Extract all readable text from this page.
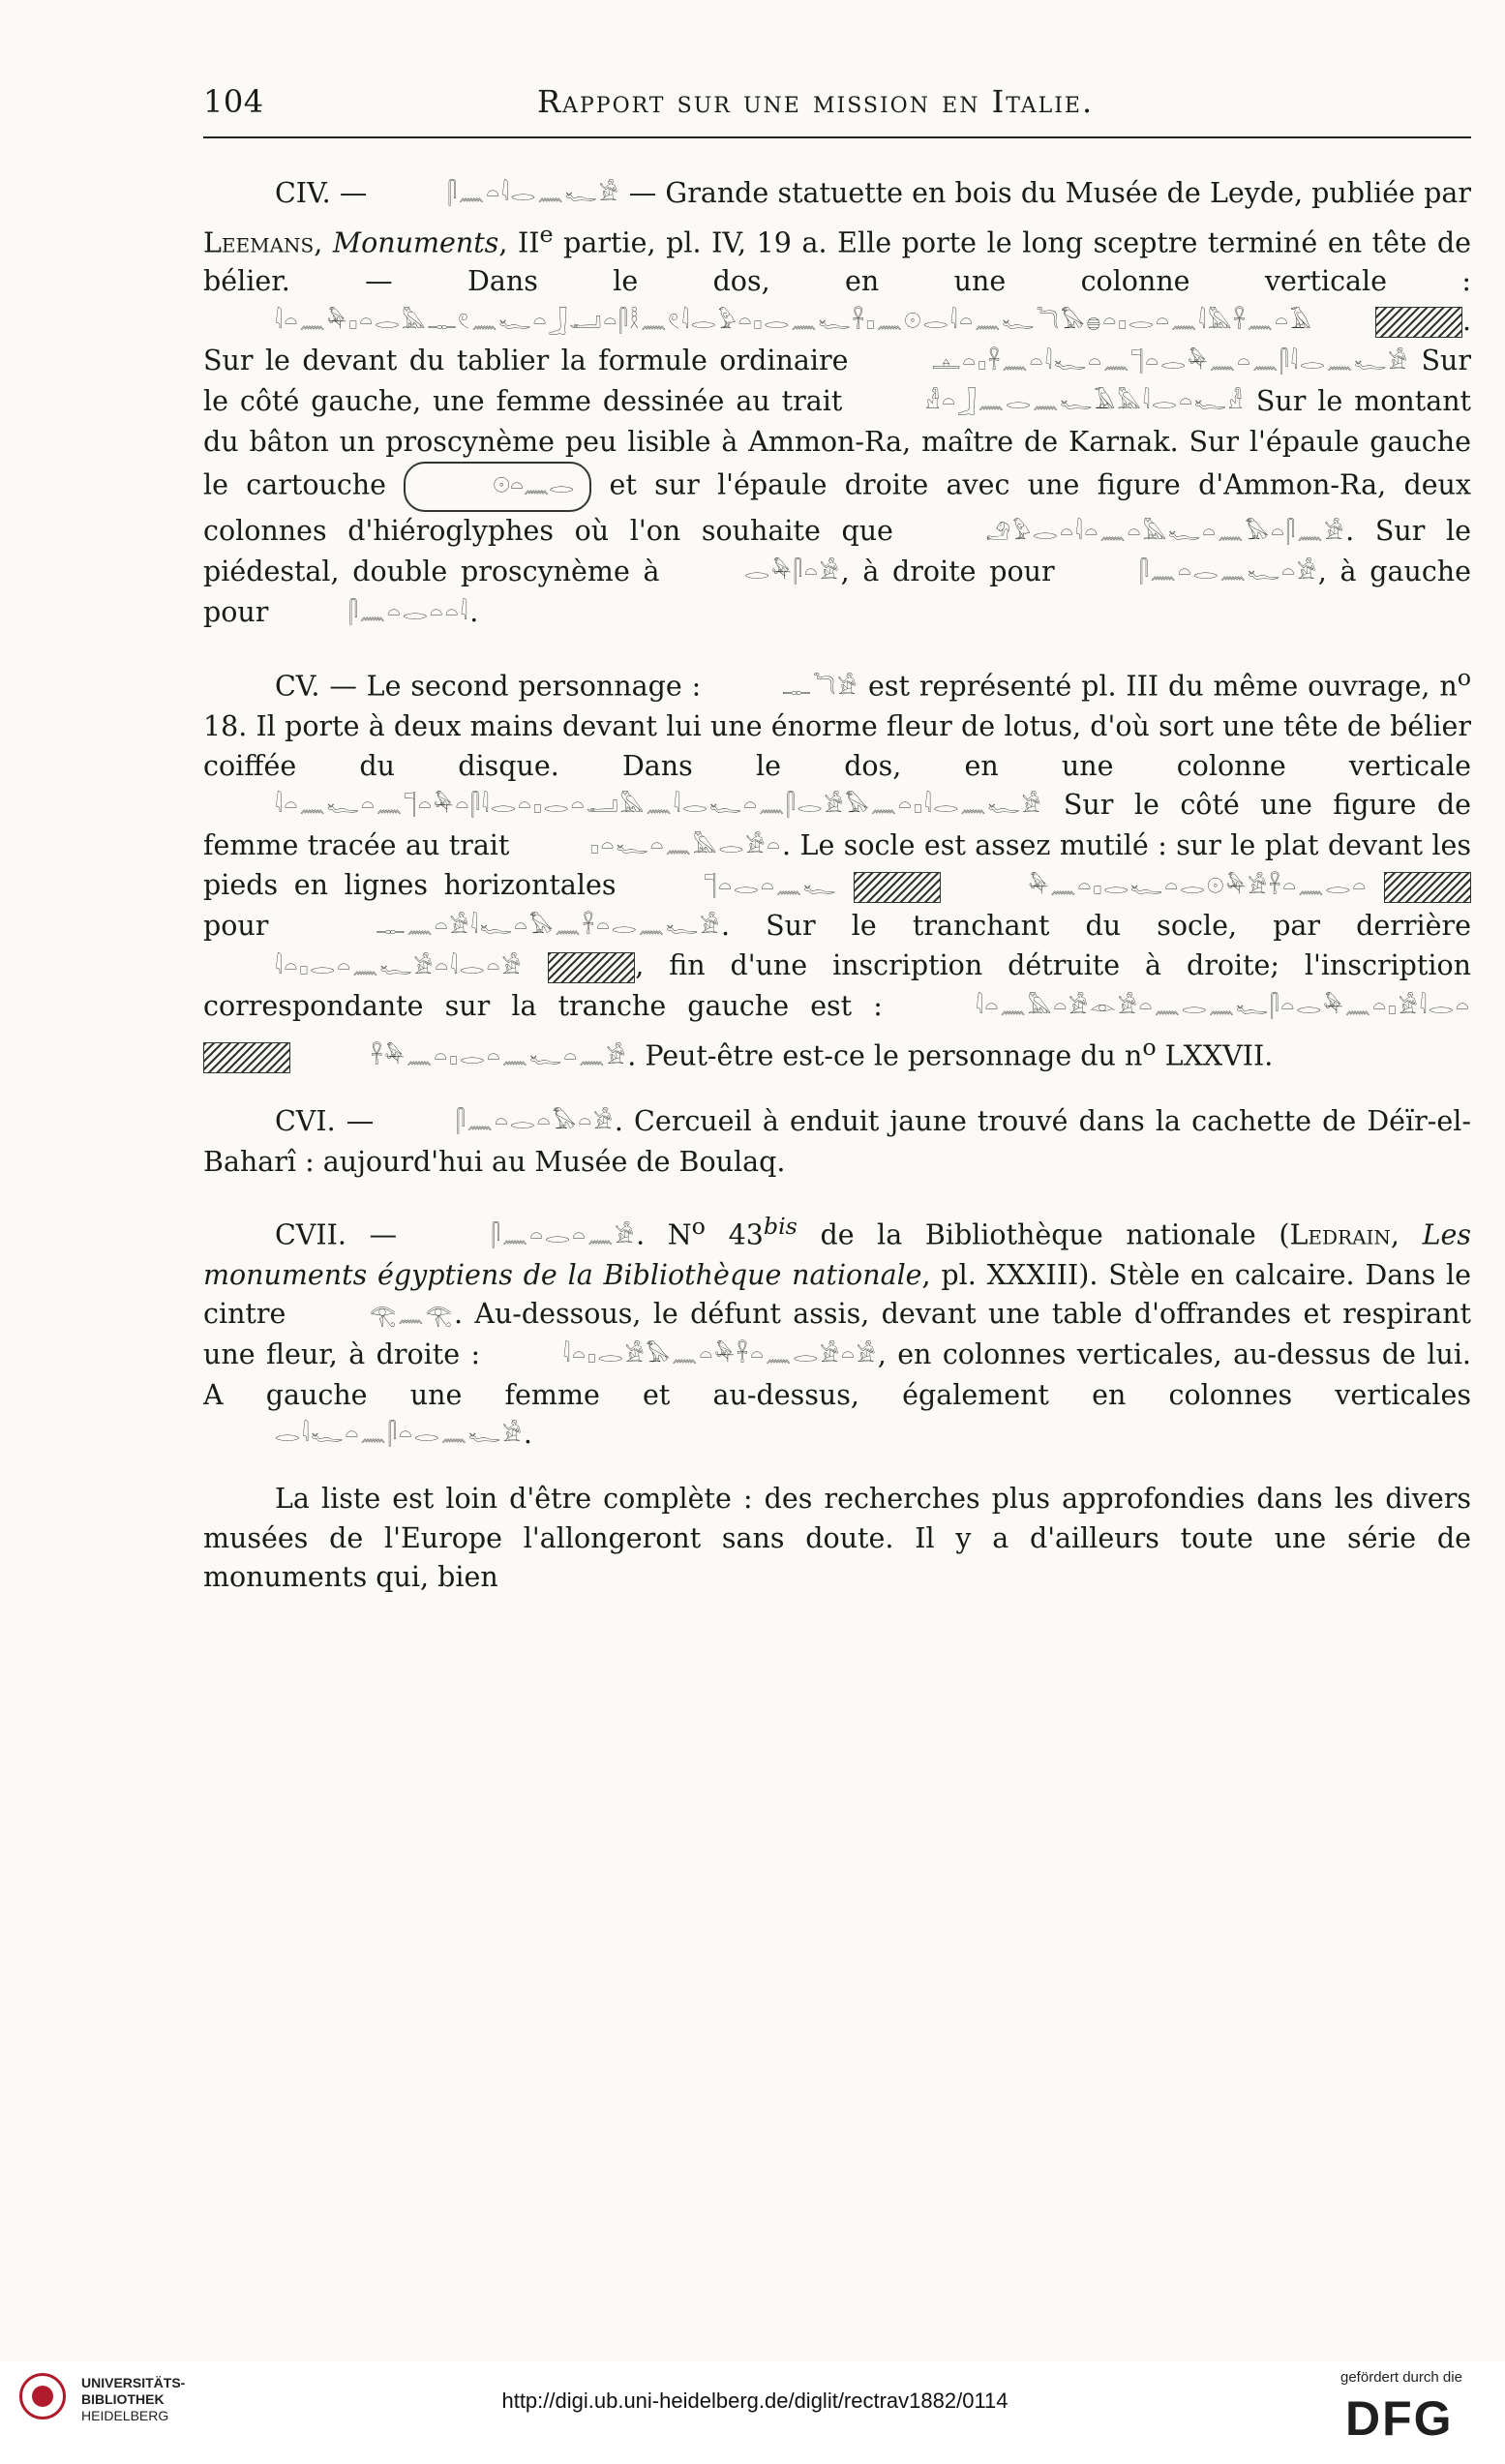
104	Rapport sur une mission en Italie.

CIV. —	𓋴𓈖𓏏𓇋𓂋𓈖𓆑𓀀 — Grande statuette en bois du Musée de Leyde, publiée par Leemans, Monuments, IIe partie, pl. IV, 19 a. Elle porte le long sceptre terminé en tête de bélier. — Dans le dos, en une colonne verticale : 𓇋𓏏𓈖𓅆𓊪𓏏𓂋𓅓𓊃𓏲𓈖𓆑𓏏𓃀𓂝𓏏𓋴𓎛𓈖𓏲𓇋𓂋𓅱𓏏𓊪𓂋𓈖𓆑𓋹𓊪𓈖𓇳𓂋𓇋𓏏𓈖𓆑𓆓𓅃𓐍𓏏𓊪𓂋𓏏𓈖𓇋𓅓𓋹𓈖𓏏𓄿	. Sur le devant du tablier la formule ordinaire	𓊵𓏏𓊪𓋹𓈖𓏏𓇋𓆑𓏏𓈖𓊹𓏏𓂋𓅆𓈖𓏏𓈖𓋴𓇋𓂋𓈖𓆑𓀀 Sur le côté gauche, une femme dessinée au trait	𓁐𓏏𓃀𓈖𓂋𓈖𓆑𓄿𓅓𓇋𓂋𓏏𓆑𓁐 Sur le montant du bâton un proscynème peu lisible à Ammon-Ra, maître de Karnak. Sur l'épaule gauche le cartouche	𓇳𓏏𓈖𓂋 et sur l'épaule droite avec une figure d'Ammon-Ra, deux colonnes d'hiéroglyphes où l'on souhaite que	𓄂𓅱𓂋𓏏𓇋𓏏𓈖𓏏𓅓𓆑𓏏𓈖𓅃𓏏𓋴𓈖𓀀. Sur le piédestal, double proscynème à	𓂋𓅆𓋴𓏏𓀀, à droite pour	𓋴𓈖𓏏𓂋𓈖𓆑𓏏𓀀, à gauche pour	𓋴𓈖𓏏𓂋𓏏𓏏𓇋.

CV. — Le second personnage :	𓊃𓆓𓀀 est représenté pl. III du même ouvrage, $n^o$ 18. Il porte à deux mains devant lui une énorme fleur de lotus, d'où sort une tête de bélier coiffée du disque. Dans le dos, en une colonne verticale 𓇋𓏏𓈖𓆑𓏏𓈖𓊹𓏏𓅆𓏏𓋴𓇋𓂋𓏏𓊪𓂋𓏏𓂝𓅓𓈖𓇋𓂋𓆑𓏏𓈖𓋴𓂋𓀀𓅃𓈖𓏏𓊪𓇋𓂋𓈖𓆑𓀀 Sur le côté une figure de femme tracée au trait	𓊪𓏏𓆑𓏏𓈖𓅓𓂋𓀀𓏏. Le socle est assez mutilé : sur le plat devant les pieds en lignes horizontales	𓊹𓏏𓂋𓏏𓈖𓆑	𓅆𓈖𓏏𓊪𓂋𓆑𓏏𓂋𓇳𓅆𓀀𓋹𓏏𓈖𓂋𓏏  pour	𓊃𓈖𓏏𓀀𓇋𓆑𓏏𓅃𓈖𓋹𓏏𓂋𓈖𓆑𓀀. Sur le tranchant du socle, par derrière 𓇋𓏏𓊪𓂋𓏏𓈖𓆑𓀀𓏏𓇋𓂋𓏏𓀀	, fin d'une inscription détruite à droite; l'inscription correspondante sur la tranche gauche est :	𓇋𓏏𓈖𓅓𓏏𓀀𓁹𓀀𓏏𓈖𓂋𓈖𓆑𓋴𓏏𓂋𓅆𓈖𓏏𓊪𓀀𓇋𓂋𓏏  𓋹𓅆𓈖𓏏𓊪𓂋𓏏𓈖𓆑𓏏𓈖𓀀. Peut-être est-ce le personnage du $n^o$ LXXVII.

CVI. —	𓋴𓈖𓏏𓂋𓏏𓅃𓏏𓀀. Cercueil à enduit jaune trouvé dans la cachette de Déïr-el-Baharî : aujourd'hui au Musée de Boulaq.

CVII. —	𓋴𓈖𓏏𓂋𓏏𓈖𓀀. $N^o$ $43^{bis}$ de la Bibliothèque nationale (Ledrain, Les monuments égyptiens de la Bibliothèque nationale, pl. XXXIII). Stèle en calcaire. Dans le cintre	𓂀𓈖𓂀. Au-dessous, le défunt assis, devant une table d'offrandes et respirant une fleur, à droite :	𓇋𓏏𓊪𓂋𓀀𓅃𓈖𓏏𓅆𓋹𓏏𓈖𓂋𓀀𓏏𓀀, en colonnes verticales, au-dessus de lui. A gauche une femme et au-dessus, également en colonnes verticales 𓂋𓇋𓆑𓏏𓈖𓋴𓏏𓂋𓈖𓆑𓀀.

La liste est loin d'être complète : des recherches plus approfondies dans les divers musées de l'Europe l'allongeront sans doute. Il y a d'ailleurs toute une série de monuments qui, bien

UNIVERSITÄTS-
BIBLIOTHEK
HEIDELBERG
http://digi.ub.uni-heidelberg.de/diglit/rectrav1882/0114
gefördert durch die
DFG
